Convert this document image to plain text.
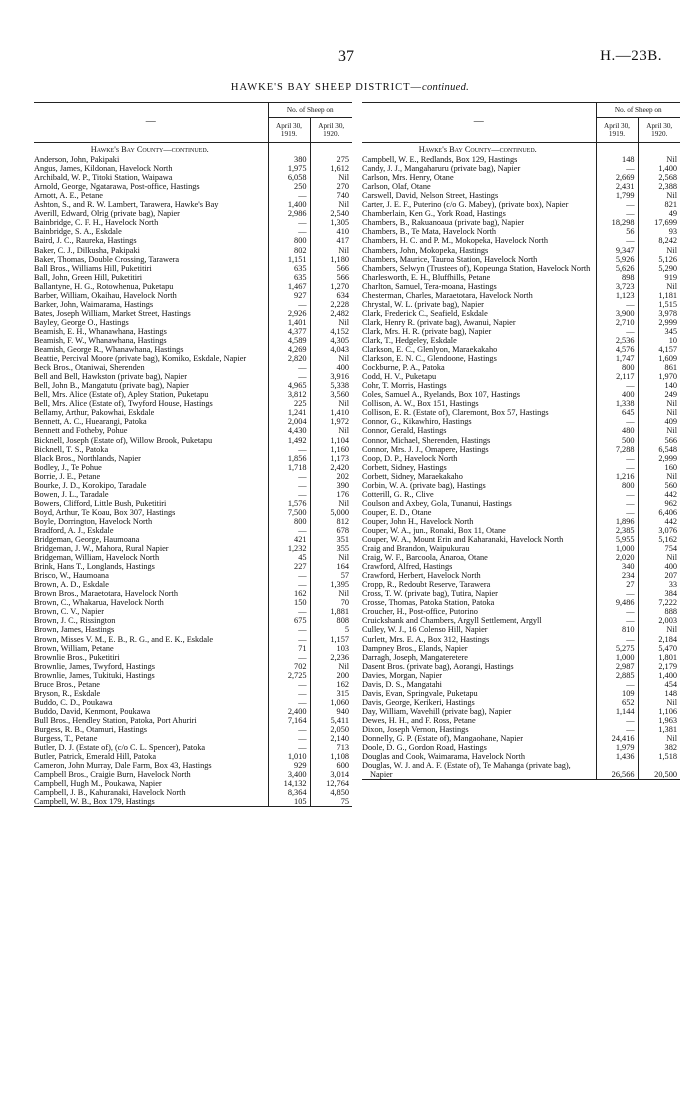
37	H.—23B.
HAWKE'S BAY SHEEP DISTRICT—continued.
—	No. of Sheep on	
	April 30, 1919.	April 30, 1920.
Hawke's Bay County—continued.		
Anderson, John, Pakipaki	380	275
Angus, James, Kildonan, Havelock North	1,975	1,612
Archibald, W. P., Titoki Station, Waipawa	6,058	Nil
Arnold, George, Ngatarawa, Post-office, Hastings	250	270
Arnott, A. E., Petane	—	740
Ashton, S., and R. W. Lambert, Tarawera, Hawke's Bay	1,400	Nil
Averill, Edward, Olrig (private bag), Napier	2,986	2,540
Bainbridge, C. F. H., Havelock North	—	1,305
Bainbridge, S. A., Eskdale	—	410
Baird, J. C., Raureka, Hastings	800	417
Baker, C. J., Dilkusha, Pakipaki	802	Nil
Baker, Thomas, Double Crossing, Tarawera	1,151	1,180
Ball Bros., Williams Hill, Puketitiri	635	566
Ball, John, Green Hill, Puketitiri	635	566
Ballantyne, H. G., Rotowhenua, Puketapu	1,467	1,270
Barber, William, Okaihau, Havelock North	927	634
Barker, John, Waimarama, Hastings	—	2,228
Bates, Joseph William, Market Street, Hastings	2,926	2,482
Bayley, George O., Hastings	1,401	Nil
Beamish, E. H., Whanawhana, Hastings	4,377	4,152
Beamish, F. W., Whanawhana, Hastings	4,589	4,305
Beamish, George R., Whanawhana, Hastings	4,269	4,043
Beattie, Percival Moore (private bag), Komiko, Eskdale, Napier	2,820	Nil
Beck Bros., Otaniwai, Sherenden	—	400
Bell and Bell, Hawkston (private bag), Napier	—	3,916
Bell, John B., Mangatutu (private bag), Napier	4,965	5,338
Bell, Mrs. Alice (Estate of), Apley Station, Puketapu	3,812	3,560
Bell, Mrs. Alice (Estate of), Twyford House, Hastings	225	Nil
Bellamy, Arthur, Pakowhai, Eskdale	1,241	1,410
Bennett, A. C., Huearangi, Patoka	2,004	1,972
Bennett and Fotheby, Pohue	4,430	Nil
Bicknell, Joseph (Estate of), Willow Brook, Puketapu	1,492	1,104
Bicknell, T. S., Patoka	—	1,160
Black Bros., Northlands, Napier	1,856	1,173
Bodley, J., Te Pohue	1,718	2,420
Borrie, J. E., Petane	—	202
Bourke, J. D., Korokipo, Taradale	—	390
Bowen, J. L., Taradale	—	176
Bowers, Clifford, Little Bush, Puketitiri	1,576	Nil
Boyd, Arthur, Te Koau, Box 307, Hastings	7,500	5,000
Boyle, Dorrington, Havelock North	800	812
Bradford, A. J., Eskdale	—	678
Bridgeman, George, Haumoana	421	351
Bridgeman, J. W., Mahora, Rural Napier	1,232	355
Bridgeman, William, Havelock North	45	Nil
Brink, Hans T., Longlands, Hastings	227	164
Brisco, W., Haumoana	—	57
Brown, A. D., Eskdale	—	1,395
Brown Bros., Maraetotara, Havelock North	162	Nil
Brown, C., Whakarua, Havelock North	150	70
Brown, C. V., Napier	—	1,881
Brown, J. C., Rissington	675	808
Brown, James, Hastings	—	5
Brown, Misses V. M., E. B., R. G., and E. K., Eskdale	—	1,157
Brown, William, Petane	71	103
Brownlie Bros., Puketitiri	—	2,236
Brownlie, James, Twyford, Hastings	702	Nil
Brownlie, James, Tukituki, Hastings	2,725	200
Bruce Bros., Petane	—	162
Bryson, R., Eskdale	—	315
Buddo, C. D., Poukawa	—	1,060
Buddo, David, Kenmont, Poukawa	2,400	940
Bull Bros., Hendley Station, Patoka, Port Ahuriri	7,164	5,411
Burgess, R. B., Otamuri, Hastings	—	2,050
Burgess, T., Petane	—	2,140
Butler, D. J. (Estate of), (c/o C. L. Spencer), Patoka	—	713
Butler, Patrick, Emerald Hill, Patoka	1,010	1,108
Cameron, John Murray, Dale Farm, Box 43, Hastings	929	600
Campbell Bros., Craigie Burn, Havelock North	3,400	3,014
Campbell, Hugh M., Poukawa, Napier	14,132	12,764
Campbell, J. B., Kahuranaki, Havelock North	8,364	4,850
Campbell, W. B., Box 179, Hastings	105	75
—	No. of Sheep on	
	April 30, 1919.	April 30, 1920.
Hawke's Bay County—continued.		
Campbell, W. E., Redlands, Box 129, Hastings	148	Nil
Candy, J. J., Mangaharuru (private bag), Napier	—	1,400
Carlson, Mrs. Henry, Otane	2,669	2,568
Carlson, Olaf, Otane	2,431	2,388
Carswell, David, Nelson Street, Hastings	1,799	Nil
Carter, J. E. F., Puterino (c/o G. Mabey), (private box), Napier	—	821
Chamberlain, Ken G., York Road, Hastings	—	49
Chambers, B., Rakuanoaua (private bag), Napier	18,298	17,699
Chambers, B., Te Mata, Havelock North	56	93
Chambers, H. C. and P. M., Mokopeka, Havelock North	—	8,242
Chambers, John, Mokopeka, Hastings	9,347	Nil
Chambers, Maurice, Tauroa Station, Havelock North	5,926	5,126
Chambers, Selwyn (Trustees of), Kopeunga Station, Havelock North	5,626	5,290
Charlesworth, E. H., Bluffhills, Petane	898	919
Charlton, Samuel, Tera-moana, Hastings	3,723	Nil
Chesterman, Charles, Maraetotara, Havelock North	1,123	1,181
Chrystal, W. L. (private bag), Napier	—	1,515
Clark, Frederick C., Seafield, Eskdale	3,900	3,978
Clark, Henry R. (private bag), Awanui, Napier	2,710	2,999
Clark, Mrs. H. R. (private bag), Napier	—	345
Clark, T., Hedgeley, Eskdale	2,536	10
Clarkson, E. C., Glenlyon, Maraekakaho	4,576	4,157
Clarkson, E. N. C., Glendoone, Hastings	1,747	1,609
Cockburne, P. A., Patoka	800	861
Codd, H. V., Puketapu	2,117	1,970
Cohr, T. Morris, Hastings	—	140
Coles, Samuel A., Ryelands, Box 107, Hastings	400	249
Collison, A. W., Box 151, Hastings	1,338	Nil
Collison, E. R. (Estate of), Claremont, Box 57, Hastings	645	Nil
Connor, G., Kikawhiro, Hastings	—	409
Connor, Gerald, Hastings	480	Nil
Connor, Michael, Sherenden, Hastings	500	566
Connor, Mrs. J. J., Omapere, Hastings	7,288	6,548
Coop, D. P., Havelock North	—	2,999
Corbett, Sidney, Hastings	—	160
Corbett, Sidney, Maraekakaho	1,216	Nil
Corbin, W. A. (private bag), Hastings	800	560
Cotterill, G. R., Clive	—	442
Coulson and Axbey, Gola, Tunanui, Hastings	—	962
Couper, E. D., Otane	—	6,406
Couper, John H., Havelock North	1,896	442
Couper, W. A., jun., Ronaki, Box 11, Otane	2,385	3,076
Couper, W. A., Mount Erin and Kaharanaki, Havelock North	5,955	5,162
Craig and Brandon, Waipukurau	1,000	754
Craig, W. F., Barcoola, Anaroa, Otane	2,020	Nil
Crawford, Alfred, Hastings	340	400
Crawford, Herbert, Havelock North	234	207
Cropp, R., Redoubt Reserve, Tarawera	27	33
Cross, T. W. (private bag), Tutira, Napier	—	384
Crosse, Thomas, Patoka Station, Patoka	9,486	7,222
Croucher, H., Post-office, Putorino	—	888
Cruickshank and Chambers, Argyll Settlement, Argyll	—	2,003
Culley, W. J., 16 Colenso Hill, Napier	810	Nil
Curlett, Mrs. E. A., Box 312, Hastings	—	2,184
Dampney Bros., Elands, Napier	5,275	5,470
Darragh, Joseph, Mangateretere	1,000	1,801
Dasent Bros. (private bag), Aorangi, Hastings	2,987	2,179
Davies, Morgan, Napier	2,885	1,400
Davis, D. S., Mangatahi	—	454
Davis, Evan, Springvale, Puketapu	109	148
Davis, George, Kerikeri, Hastings	652	Nil
Day, William, Wavehill (private bag), Napier	1,144	1,106
Dewes, H. H., and F. Ross, Petane	—	1,963
Dixon, Joseph Vernon, Hastings	—	1,381
Donnelly, G. P. (Estate of), Mangaohane, Napier	24,416	Nil
Doole, D. G., Gordon Road, Hastings	1,979	382
Douglas and Cook, Waimarama, Havelock North	1,436	1,518
Douglas, W. J. and A. F. (Estate of), Te Mahanga (private bag), Napier	26,566	20,500
